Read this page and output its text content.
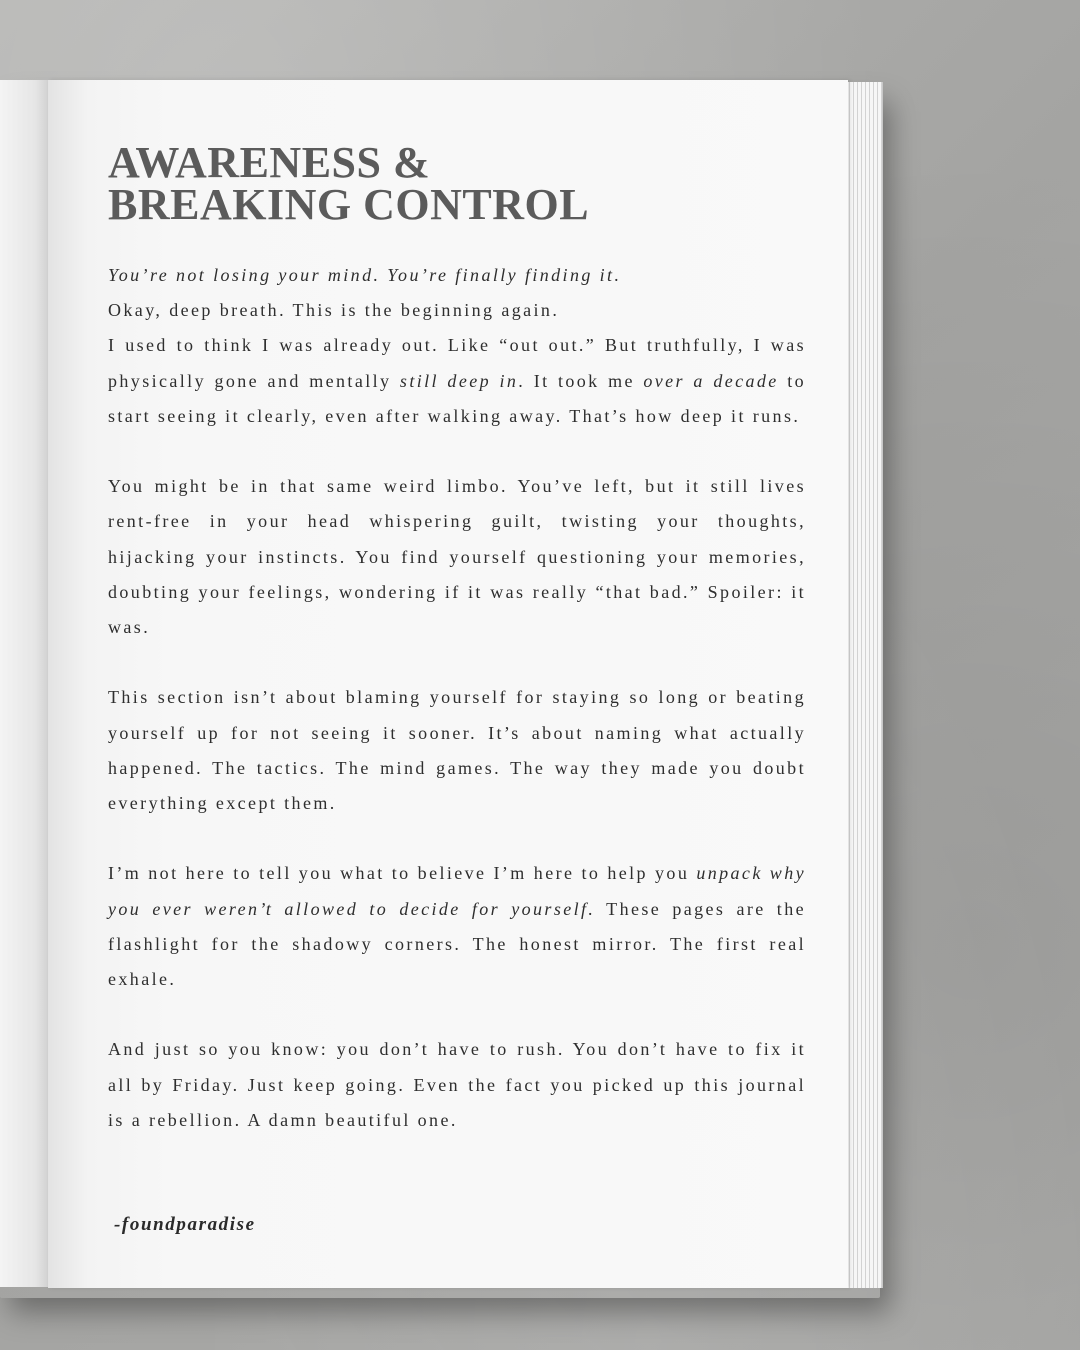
AWARENESS &
BREAKING CONTROL

You’re not losing your mind. You’re finally finding it.

Okay, deep breath. This is the beginning again.

I used to think I was already out. Like “out out.” But truthfully, I was physically gone and mentally still deep in. It took me over a decade to start seeing it clearly, even after walking away. That’s how deep it runs.

You might be in that same weird limbo. You’ve left, but it still lives rent-free in your head whispering guilt, twisting your thoughts, hijacking your instincts. You find yourself questioning your memories, doubting your feelings, wondering if it was really “that bad.” Spoiler: it was.

This section isn’t about blaming yourself for staying so long or beating yourself up for not seeing it sooner. It’s about naming what actually happened. The tactics. The mind games. The way they made you doubt everything except them.

I’m not here to tell you what to believe I’m here to help you unpack why you ever weren’t allowed to decide for yourself. These pages are the flashlight for the shadowy corners. The honest mirror. The first real exhale.

And just so you know: you don’t have to rush. You don’t have to fix it all by Friday. Just keep going. Even the fact you picked up this journal is a rebellion. A damn beautiful one.

-foundparadise
